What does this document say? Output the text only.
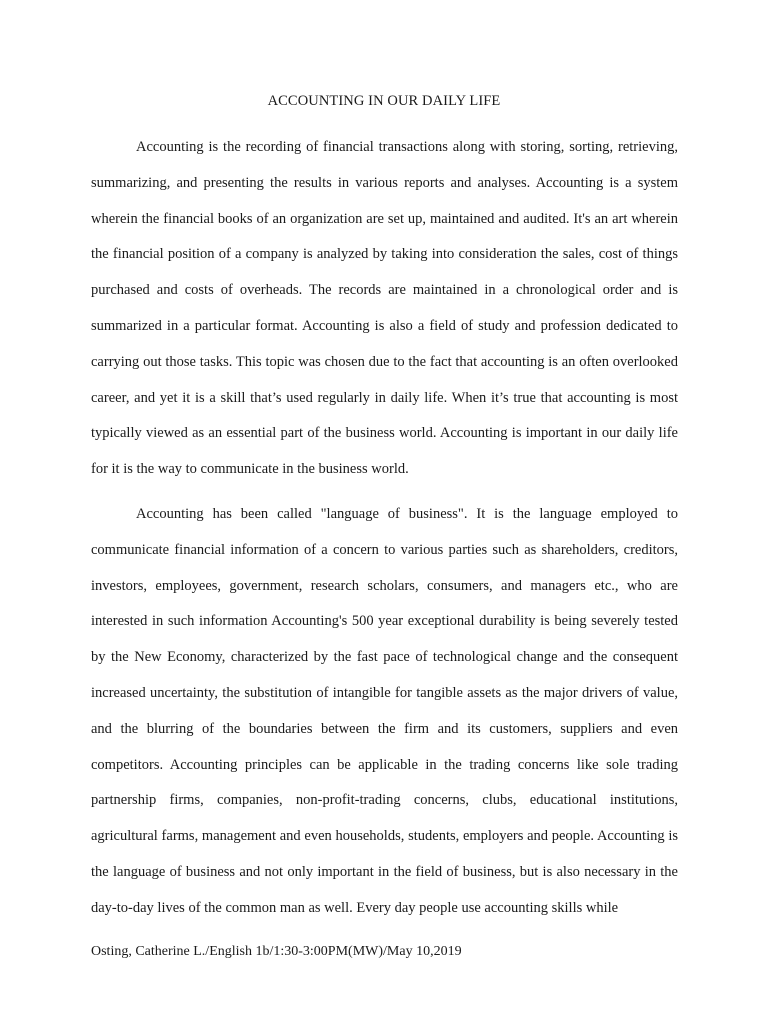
ACCOUNTING IN OUR DAILY LIFE

Accounting is the recording of financial transactions along with storing, sorting, retrieving, summarizing, and presenting the results in various reports and analyses. Accounting is a system wherein the financial books of an organization are set up, maintained and audited. It's an art wherein the financial position of a company is analyzed by taking into consideration the sales, cost of things purchased and costs of overheads. The records are maintained in a chronological order and is summarized in a particular format. Accounting is also a field of study and profession dedicated to carrying out those tasks. This topic was chosen due to the fact that accounting is an often overlooked career, and yet it is a skill that’s used regularly in daily life. When it’s true that accounting is most typically viewed as an essential part of the business world. Accounting is important in our daily life for it is the way to communicate in the business world.

Accounting has been called "language of business". It is the language employed to communicate financial information of a concern to various parties such as shareholders, creditors, investors, employees, government, research scholars, consumers, and managers etc., who are interested in such information Accounting's 500 year exceptional durability is being severely tested by the New Economy, characterized by the fast pace of technological change and the consequent increased uncertainty, the substitution of intangible for tangible assets as the major drivers of value, and the blurring of the boundaries between the firm and its customers, suppliers and even competitors. Accounting principles can be applicable in the trading concerns like sole trading partnership firms, companies, non-profit-trading concerns, clubs, educational institutions, agricultural farms, management and even households, students, employers and people. Accounting is the language of business and not only important in the field of business, but is also necessary in the day-to-day lives of the common man as well. Every day people use accounting skills while

Osting, Catherine L./English 1b/1:30-3:00PM(MW)/May 10,2019
